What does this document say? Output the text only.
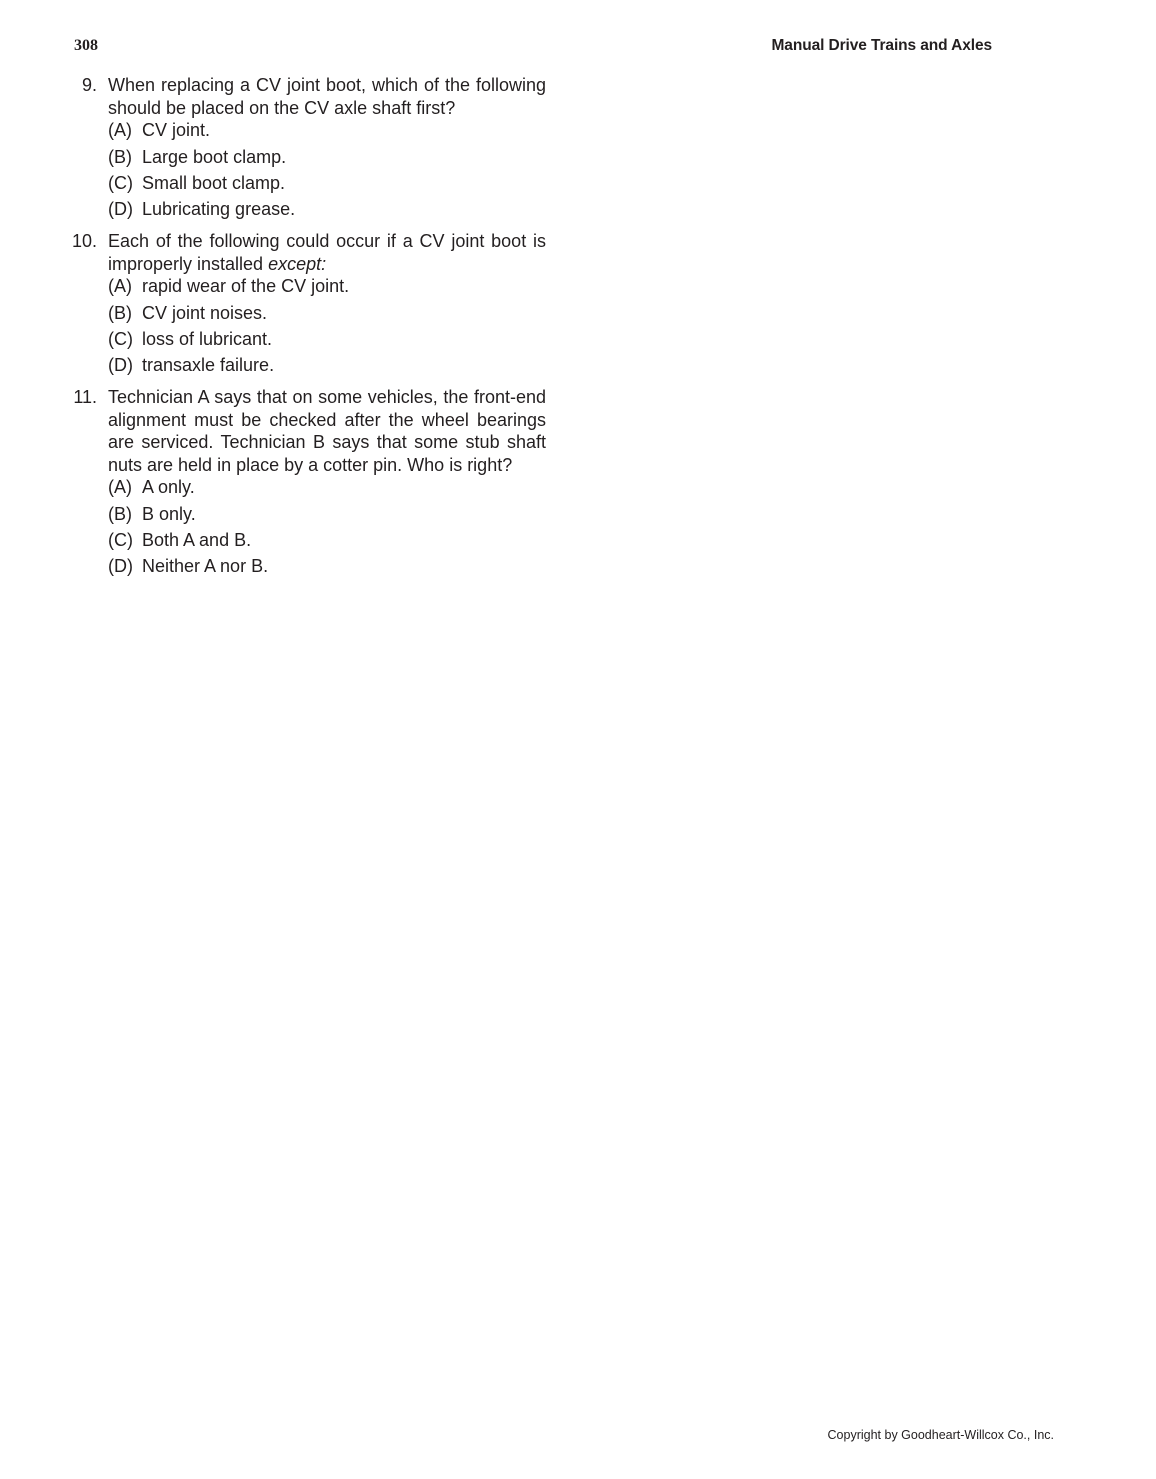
308	Manual Drive Trains and Axles
9. When replacing a CV joint boot, which of the following should be placed on the CV axle shaft first?

(A) CV joint.
(B) Large boot clamp.
(C) Small boot clamp.
(D) Lubricating grease.
10. Each of the following could occur if a CV joint boot is improperly installed except:

(A) rapid wear of the CV joint.
(B) CV joint noises.
(C) loss of lubricant.
(D) transaxle failure.
11. Technician A says that on some vehicles, the front-end alignment must be checked after the wheel bearings are serviced. Technician B says that some stub shaft nuts are held in place by a cotter pin. Who is right?

(A) A only.
(B) B only.
(C) Both A and B.
(D) Neither A nor B.
Copyright by Goodheart-Willcox Co., Inc.
